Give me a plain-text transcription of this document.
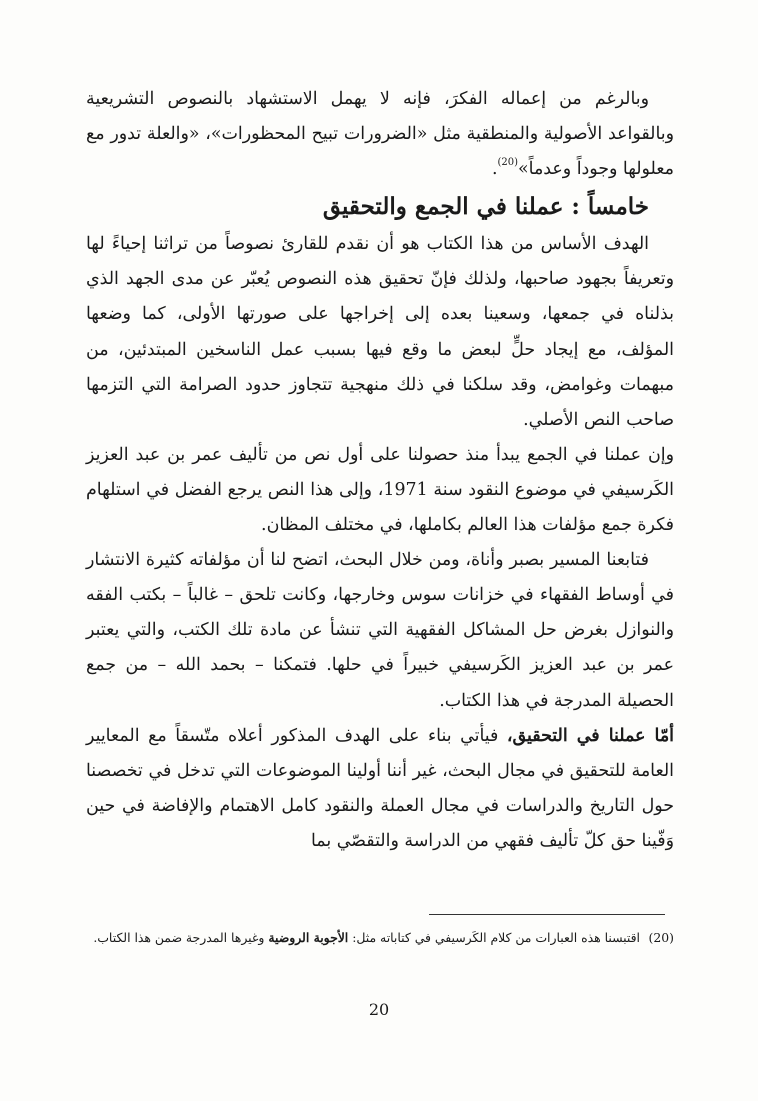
وبالرغم من إعماله الفكرَ، فإنه لا يهمل الاستشهاد بالنصوص التشريعية وبالقواعد الأصولية والمنطقية مثل «الضرورات تبيح المحظورات»، «والعلة تدور مع معلولها وجوداً وعدماً»$^{(20)}$.

خامساً:عملنا في الجمع والتحقيق

الهدف الأساس من هذا الكتاب هو أن نقدم للقارئ نصوصاً من تراثنا إحياءً لها وتعريفاً بجهود صاحبها، ولذلك فإنّ تحقيق هذه النصوص يُعبّر عن مدى الجهد الذي بذلناه في جمعها، وسعينا بعده إلى إخراجها على صورتها الأولى، كما وضعها المؤلف، مع إيجاد حلٍّ لبعض ما وقع فيها بسبب عمل الناسخين المبتدئين، من مبهمات وغوامض، وقد سلكنا في ذلك منهجية تتجاوز حدود الصرامة التي التزمها صاحب النص الأصلي.

وإن عملنا في الجمع يبدأ منذ حصولنا على أول نص من تأليف عمر بن عبد العزيز الكَرسيفي في موضوع النقود سنة 1971، وإلى هذا النص يرجع الفضل في استلهام فكرة جمع مؤلفات هذا العالم بكاملها، في مختلف المظان.

فتابعنا المسير بصبر وأناة، ومن خلال البحث، اتضح لنا أن مؤلفاته كثيرة الانتشار في أوساط الفقهاء في خزانات سوس وخارجها، وكانت تلحق – غالباً – بكتب الفقه والنوازل بغرض حل المشاكل الفقهية التي تنشأ عن مادة تلك الكتب، والتي يعتبر عمر بن عبد العزيز الكَرسيفي خبيراً في حلها. فتمكنا – بحمد الله – من جمع الحصيلة المدرجة في هذا الكتاب.

أمّا عملنا في التحقيق، فيأتي بناء على الهدف المذكور أعلاه متّسقاً مع المعايير العامة للتحقيق في مجال البحث، غير أننا أولينا الموضوعات التي تدخل في تخصصنا حول التاريخ والدراسات في مجال العملة والنقود كامل الاهتمام والإفاضة في حين وَفّينا حق كلّ تأليف فقهي من الدراسة والتقصّي بما

(20)اقتبسنا هذه العبارات من كلام الكَرسيفي في كتاباته مثل: الأجوبة الروضية وغيرها المدرجة ضمن هذا الكتاب.
20
